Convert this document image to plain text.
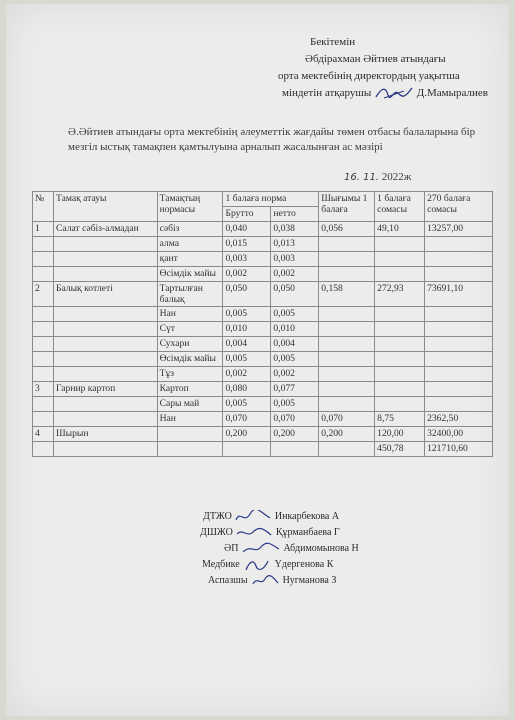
Бекітемін
Әбдірахман Әйтиев атындағы
орта мектебінің директордың уақытша
міндетін атқарушы	Д.Мамыралиев
Ә.Әйтиев атындағы орта мектебінің әлеуметтік жағдайы төмен отбасы балаларына бір мезгіл ыстық тамақпен қамтылуына арналып жасалынған ас мәзірі
16. 11. 2022ж
№	Тамақ атауы	Тамақтың нормасы	1 балаға норма		Шығымы 1 балаға	1 балаға сомасы	270 балаға сомасы
			Брутто	нетто			
1	Салат сәбіз-алмадан	сәбіз	0,040	0,038	0,056	49,10	13257,00
		алма	0,015	0,013			
		қант	0,003	0,003			
		Өсімдік майы	0,002	0,002			
2	Балық котлеті	Тартылған балық	0,050	0,050	0,158	272,93	73691,10
		Нан	0,005	0,005			
		Сүт	0,010	0,010			
		Сухари	0,004	0,004			
		Өсімдік майы	0,005	0,005			
		Тұз	0,002	0,002			
3	Гарнир картоп	Картоп	0,080	0,077			
		Сары май	0,005	0,005			
		Нан	0,070	0,070	0,070	8,75	2362,50
4	Шырын		0,200	0,200	0,200	120,00	32400,00
						450,78	121710,60
ДТЖО	Инкарбекова А
ДШЖО	Құрманбаева Г
ӘП	Абдимомынова Н
Медбике	Үдергенова К
Аспазшы	Нугманова З
